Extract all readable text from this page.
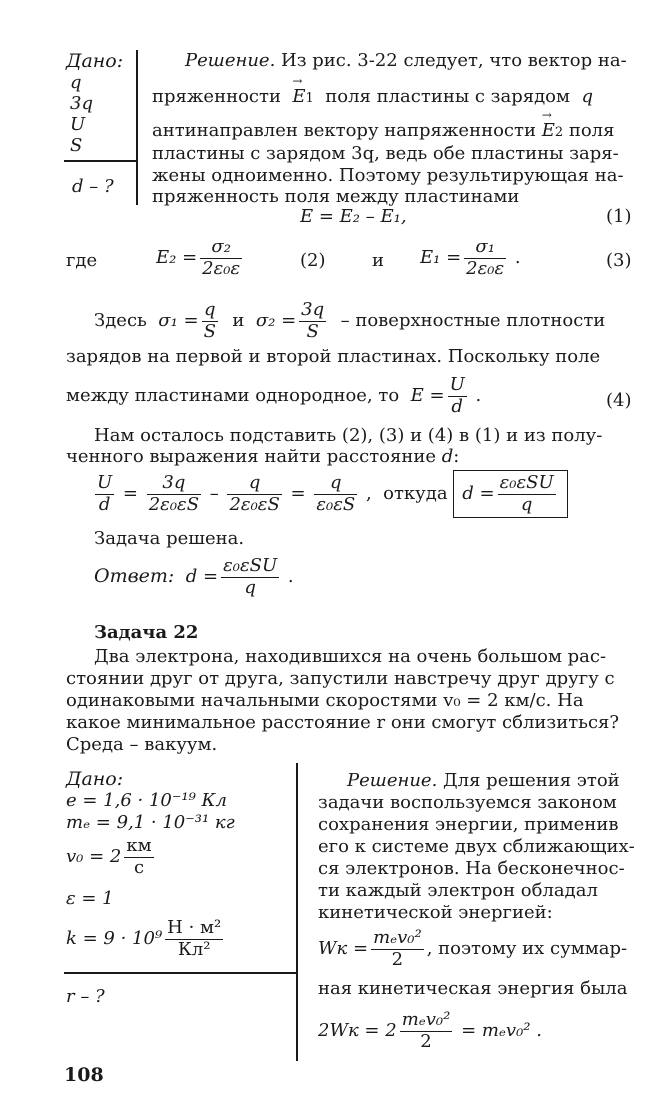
Дано:
q
3q
U
S
d – ?
Решение. Из рис. 3-22 следует, что вектор на-
пряженности → E1 поля пластины с зарядом q
антинаправлен вектору напряженности → E2 поля
пластины с зарядом 3q, ведь обе пластины заря-
жены одноименно. Поэтому результирующая на-
пряженность поля между пластинами
E = E₂ – E₁,	(1)
где	$E_2 = \frac{\text{σ₂}}{\text{2ε₀ε}}$	(2)	и $E_1 = \frac{\text{σ₁}}{\text{2ε₀ε}}$ .	(3)
Здесь $\sigma_1 = \frac{q}{S}$ и $\sigma_2 = \frac{3q}{S}$ – поверхностные плотности
зарядов на первой и второй пластинах. Поскольку поле
между пластинами однородное, то $E = \frac{U}{d}$ .	(4)
Нам осталось подставить (2), (3) и (4) в (1) и из полу-
ченного выражения найти расстояние d:
$\frac{U}{d} = \frac{3q}{\text{2ε₀εS}} - \frac{q}{\text{2ε₀εS}} = \frac{q}{\text{ε₀εS}}$ ,  откуда $d = \frac{\text{ε₀εSU}}{q}$
Задача решена.
Ответ: $d = \frac{\text{ε₀εSU}}{q}$ .
Задача 22
Два электрона, находившихся на очень большом рас-
стоянии друг от друга, запустили навстречу друг другу с
одинаковыми начальными скоростями v₀ = 2 км/с. На
какое минимальное расстояние r они смогут сблизиться?
Среда – вакуум.
Дано:
e = 1,6 · 10⁻¹⁹ Кл
mₑ = 9,1 · 10⁻³¹ кг
$v_0 = 2 \frac{км}{с}$
ε = 1
$k = 9 \cdot 10^9 \frac{\text{Н · м²}}{\text{Кл²}}$
r – ?
Решение. Для решения этой
задачи воспользуемся законом
сохранения энергии, применив
его к системе двух сближающих-
ся электронов. На бесконечнос-
ти каждый электрон обладал
кинетической энергией:
Wк = $\frac{\text{mₑv₀²}}{2}$ , поэтому их суммар-
ная кинетическая энергия была
$2Wк = 2 \frac{\text{mₑv₀²}}{2} = m_ev_0^2$ .
108
